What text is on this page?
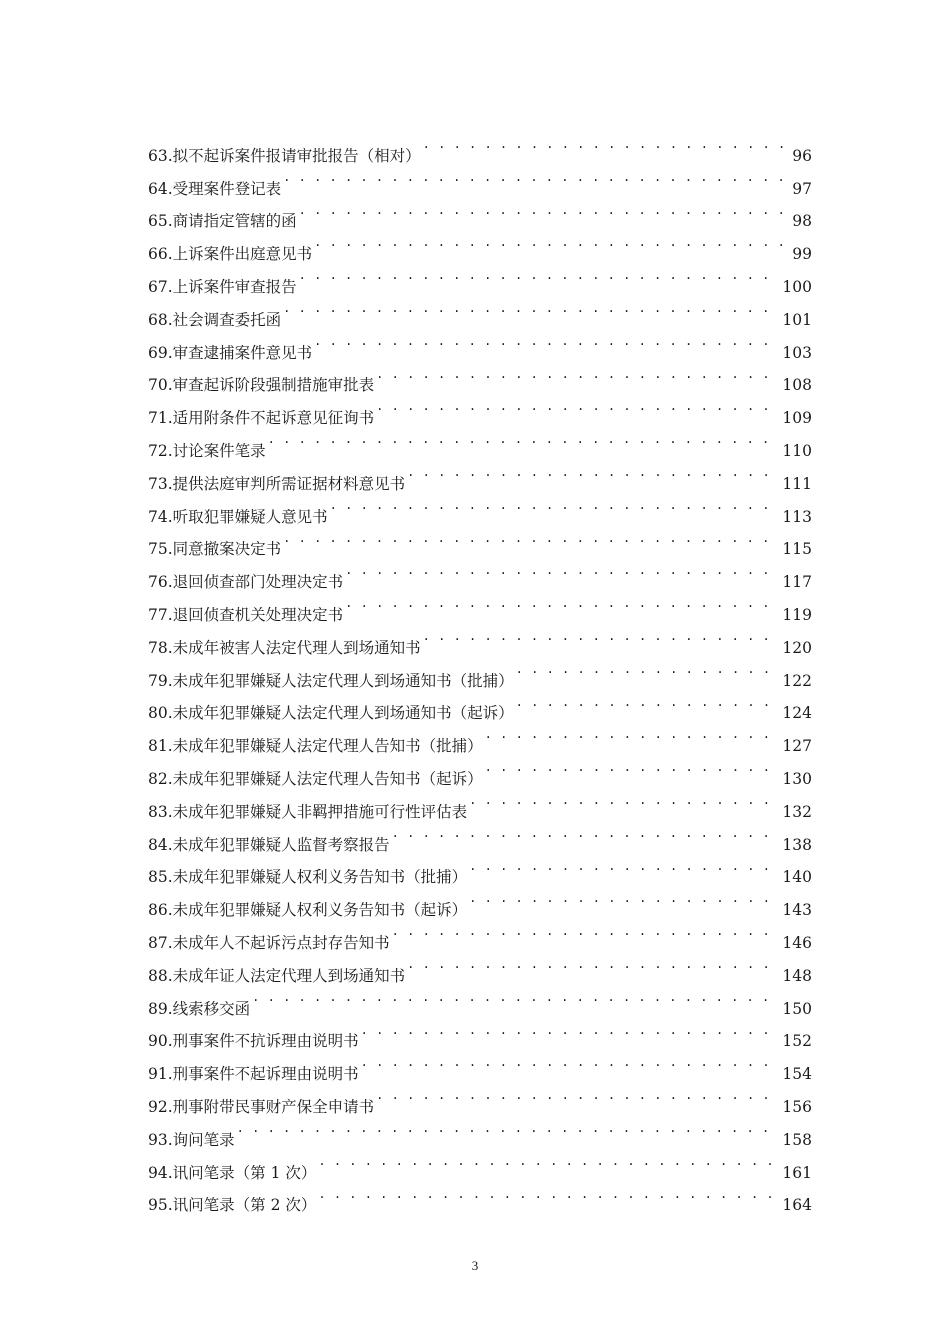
63. 拟不起诉案件报请审批报告（相对） . . .	96
64. 受理案件登记表 . . .	97
65. 商请指定管辖的函 . . .	98
66. 上诉案件出庭意见书 . . .	99
67. 上诉案件审查报告 . . .	100
68. 社会调查委托函 . . .	101
69. 审查逮捕案件意见书 . . .	103
70. 审查起诉阶段强制措施审批表 . . .	108
71. 适用附条件不起诉意见征询书 . . .	109
72. 讨论案件笔录 . . .	110
73. 提供法庭审判所需证据材料意见书 . . .	111
74. 听取犯罪嫌疑人意见书 . . .	113
75. 同意撤案决定书 . . .	115
76. 退回侦查部门处理决定书 . . .	117
77. 退回侦查机关处理决定书 . . .	119
78. 未成年被害人法定代理人到场通知书 . . .	120
79. 未成年犯罪嫌疑人法定代理人到场通知书（批捕） . . .	122
80. 未成年犯罪嫌疑人法定代理人到场通知书（起诉） . . .	124
81. 未成年犯罪嫌疑人法定代理人告知书（批捕） . . .	127
82. 未成年犯罪嫌疑人法定代理人告知书（起诉） . . .	130
83. 未成年犯罪嫌疑人非羁押措施可行性评估表 . . .	132
84. 未成年犯罪嫌疑人监督考察报告 . . .	138
85. 未成年犯罪嫌疑人权利义务告知书（批捕） . . .	140
86. 未成年犯罪嫌疑人权利义务告知书（起诉） . . .	143
87. 未成年人不起诉污点封存告知书 . . .	146
88. 未成年证人法定代理人到场通知书 . . .	148
89. 线索移交函 . . .	150
90. 刑事案件不抗诉理由说明书 . . .	152
91. 刑事案件不起诉理由说明书 . . .	154
92. 刑事附带民事财产保全申请书 . . .	156
93. 询问笔录 . . .	158
94. 讯问笔录（第 1 次） . . .	161
95. 讯问笔录（第 2 次） . . .	164
3
